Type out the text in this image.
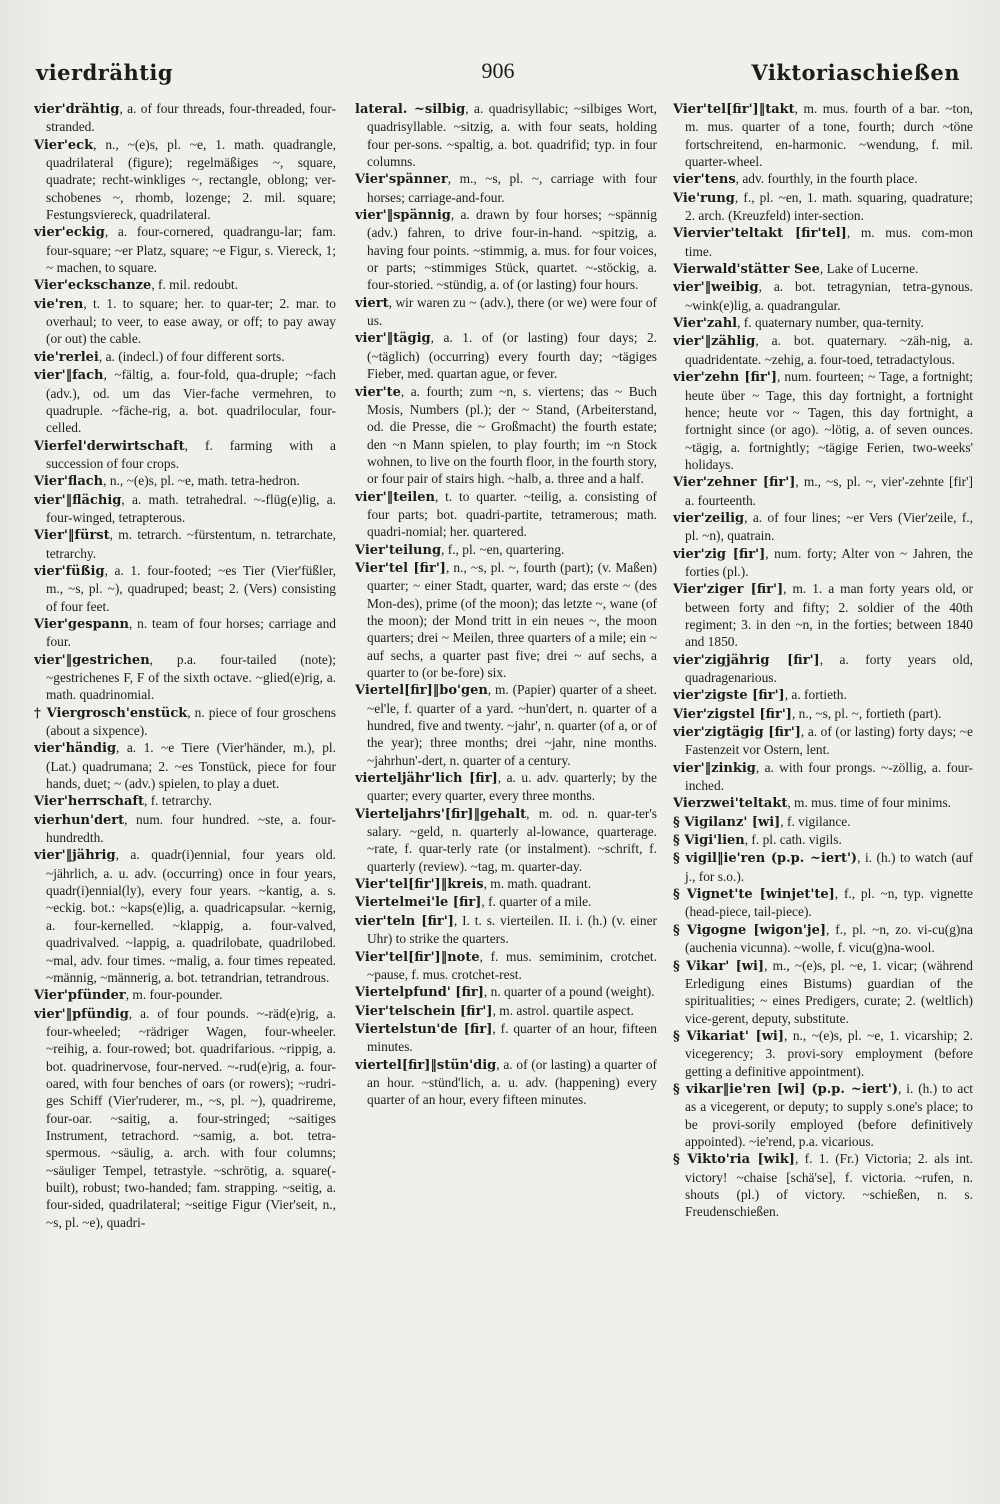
vierdrähtig	906	Viktoriaschießen

vier'drähtig, a. of four threads, four-threaded, four-stranded.

Vier'eck, n., ~(e)s, pl. ~e, 1. math. quadrangle, quadrilateral (figure); regelmäßiges ~, square, quadrate; recht-winkliges ~, rectangle, oblong; ver-schobenes ~, rhomb, lozenge; 2. mil. square; Festungsviereck, quadrilateral.

vier'eckig, a. four-cornered, quadrangu-lar; fam. four-square; ~er Platz, square; ~e Figur, s. Viereck, 1; ~ machen, to square.

Vier'eckschanze, f. mil. redoubt.

vie'ren, t. 1. to square; her. to quar-ter; 2. mar. to overhaul; to veer, to ease away, or off; to pay away (or out) the cable.

vie'rerlei, a. (indecl.) of four different sorts.

vier'‖fach, ~fältig, a. four-fold, qua-druple; ~fach (adv.), od. um das Vier-fache vermehren, to quadruple. ~fäche-rig, a. bot. quadrilocular, four-celled.

Vierfel'derwirtschaft, f. farming with a succession of four crops.

Vier'flach, n., ~(e)s, pl. ~e, math. tetra-hedron.

vier'‖flächig, a. math. tetrahedral. ~-flüg(e)lig, a. four-winged, tetrapterous.

Vier'‖fürst, m. tetrarch. ~fürstentum, n. tetrarchate, tetrarchy.

vier'füßig, a. 1. four-footed; ~es Tier (Vier'füßler, m., ~s, pl. ~), quadruped; beast; 2. (Vers) consisting of four feet.

Vier'gespann, n. team of four horses; carriage and four.

vier'‖gestrichen, p.a. four-tailed (note); ~gestrichenes F, F of the sixth octave. ~glied(e)rig, a. math. quadrinomial.

† Viergrosch'enstück, n. piece of four groschens (about a sixpence).

vier'händig, a. 1. ~e Tiere (Vier'händer, m.), pl. (Lat.) quadrumana; 2. ~es Tonstück, piece for four hands, duet; ~ (adv.) spielen, to play a duet.

Vier'herrschaft, f. tetrarchy.

vierhun'dert, num. four hundred. ~ste, a. four-hundredth.

vier'‖jährig, a. quadr(i)ennial, four years old. ~jährlich, a. u. adv. (occurring) once in four years, quadr(i)ennial(ly), every four years. ~kantig, a. s. ~eckig. bot.: ~kaps(e)lig, a. quadricapsular. ~kernig, a. four-kernelled. ~klappig, a. four-valved, quadrivalved. ~lappig, a. quadrilobate, quadrilobed. ~mal, adv. four times. ~malig, a. four times repeated. ~männig, ~männerig, a. bot. tetrandrian, tetrandrous.

Vier'pfünder, m. four-pounder.

vier'‖pfündig, a. of four pounds. ~-räd(e)rig, a. four-wheeled; ~rädriger Wagen, four-wheeler. ~reihig, a. four-rowed; bot. quadrifarious. ~rippig, a. bot. quadrinervose, four-nerved. ~-rud(e)rig, a. four-oared, with four benches of oars (or rowers); ~rudri-ges Schiff (Vier'ruderer, m., ~s, pl. ~), quadrireme, four-oar. ~saitig, a. four-stringed; ~saitiges Instrument, tetrachord. ~samig, a. bot. tetra-spermous. ~säulig, a. arch. with four columns; ~säuliger Tempel, tetrastyle. ~schrötig, a. square(-built), robust; two-handed; fam. strapping. ~seitig, a. four-sided, quadrilateral; ~seitige Figur (Vier'seit, n., ~s, pl. ~e), quadri-

lateral. ~silbig, a. quadrisyllabic; ~silbiges Wort, quadrisyllable. ~sitzig, a. with four seats, holding four per-sons. ~spaltig, a. bot. quadrifid; typ. in four columns.

Vier'spänner, m., ~s, pl. ~, carriage with four horses; carriage-and-four.

vier'‖spännig, a. drawn by four horses; ~spännig (adv.) fahren, to drive four-in-hand. ~spitzig, a. having four points. ~stimmig, a. mus. for four voices, or parts; ~stimmiges Stück, quartet. ~-stöckig, a. four-storied. ~stündig, a. of (or lasting) four hours.

viert, wir waren zu ~ (adv.), there (or we) were four of us.

vier'‖tägig, a. 1. of (or lasting) four days; 2. (~täglich) (occurring) every fourth day; ~tägiges Fieber, med. quartan ague, or fever.

vier'te, a. fourth; zum ~n, s. viertens; das ~ Buch Mosis, Numbers (pl.); der ~ Stand, (Arbeiterstand, od. die Presse, die ~ Großmacht) the fourth estate; den ~n Mann spielen, to play fourth; im ~n Stock wohnen, to live on the fourth floor, in the fourth story, or four pair of stairs high. ~halb, a. three and a half.

vier'‖teilen, t. to quarter. ~teilig, a. consisting of four parts; bot. quadri-partite, tetramerous; math. quadri-nomial; her. quartered.

Vier'teilung, f., pl. ~en, quartering.

Vier'tel [fir'], n., ~s, pl. ~, fourth (part); (v. Maßen) quarter; ~ einer Stadt, quarter, ward; das erste ~ (des Mon-des), prime (of the moon); das letzte ~, wane (of the moon); der Mond tritt in ein neues ~, the moon quarters; drei ~ Meilen, three quarters of a mile; ein ~ auf sechs, a quarter past five; drei ~ auf sechs, a quarter to (or be-fore) six.

Viertel[fir]‖bo'gen, m. (Papier) quarter of a sheet. ~el'le, f. quarter of a yard. ~hun'dert, n. quarter of a hundred, five and twenty. ~jahr', n. quarter (of a, or of the year); three months; drei ~jahr, nine months. ~jahrhun'-dert, n. quarter of a century.

vierteljähr'lich [fir], a. u. adv. quarterly; by the quarter; every quarter, every three months.

Vierteljahrs'[fir]‖gehalt, m. od. n. quar-ter's salary. ~geld, n. quarterly al-lowance, quarterage. ~rate, f. quar-terly rate (or instalment). ~schrift, f. quarterly (review). ~tag, m. quarter-day.

Vier'tel[fir']‖kreis, m. math. quadrant.

Viertelmei'le [fir], f. quarter of a mile.

vier'teln [fir'], I. t. s. vierteilen. II. i. (h.) (v. einer Uhr) to strike the quarters.

Vier'tel[fir']‖note, f. mus. semiminim, crotchet. ~pause, f. mus. crotchet-rest.

Viertelpfund' [fir], n. quarter of a pound (weight).

Vier'telschein [fir'], m. astrol. quartile aspect.

Viertelstun'de [fir], f. quarter of an hour, fifteen minutes.

viertel[fir]‖stün'dig, a. of (or lasting) a quarter of an hour. ~stünd'lich, a. u. adv. (happening) every quarter of an hour, every fifteen minutes.

Vier'tel[fir']‖takt, m. mus. fourth of a bar. ~ton, m. mus. quarter of a tone, fourth; durch ~töne fortschreitend, en-harmonic. ~wendung, f. mil. quarter-wheel.

vier'tens, adv. fourthly, in the fourth place.

Vie'rung, f., pl. ~en, 1. math. squaring, quadrature; 2. arch. (Kreuzfeld) inter-section.

Viervier'teltakt [fir'tel], m. mus. com-mon time.

Vierwald'stätter See, Lake of Lucerne.

vier'‖weibig, a. bot. tetragynian, tetra-gynous. ~wink(e)lig, a. quadrangular.

Vier'zahl, f. quaternary number, qua-ternity.

vier'‖zählig, a. bot. quaternary. ~zäh-nig, a. quadridentate. ~zehig, a. four-toed, tetradactylous.

vier'zehn [fir'], num. fourteen; ~ Tage, a fortnight; heute über ~ Tage, this day fortnight, a fortnight hence; heute vor ~ Tagen, this day fortnight, a fortnight since (or ago). ~lötig, a. of seven ounces. ~tägig, a. fortnightly; ~tägige Ferien, two-weeks' holidays.

Vier'zehner [fir'], m., ~s, pl. ~, vier'-zehnte [fir'] a. fourteenth.

vier'zeilig, a. of four lines; ~er Vers (Vier'zeile, f., pl. ~n), quatrain.

vier'zig [fir'], num. forty; Alter von ~ Jahren, the forties (pl.).

Vier'ziger [fir'], m. 1. a man forty years old, or between forty and fifty; 2. soldier of the 40th regiment; 3. in den ~n, in the forties; between 1840 and 1850.

vier'zigjährig [fir'], a. forty years old, quadragenarious.

vier'zigste [fir'], a. fortieth.

Vier'zigstel [fir'], n., ~s, pl. ~, fortieth (part).

vier'zigtägig [fir'], a. of (or lasting) forty days; ~e Fastenzeit vor Ostern, lent.

vier'‖zinkig, a. with four prongs. ~-zöllig, a. four-inched.

Vierzwei'teltakt, m. mus. time of four minims.

§ Vigilanz' [wi], f. vigilance.

§ Vigi'lien, f. pl. cath. vigils.

§ vigil‖ie'ren (p.p. ~iert'), i. (h.) to watch (auf j., for s.o.).

§ Vignet'te [winjet'te], f., pl. ~n, typ. vignette (head-piece, tail-piece).

§ Vigogne [wigon'je], f., pl. ~n, zo. vi-cu(g)na (auchenia vicunna). ~wolle, f. vicu(g)na-wool.

§ Vikar' [wi], m., ~(e)s, pl. ~e, 1. vicar; (während Erledigung eines Bistums) guardian of the spiritualities; ~ eines Predigers, curate; 2. (weltlich) vice-gerent, deputy, substitute.

§ Vikariat' [wi], n., ~(e)s, pl. ~e, 1. vicarship; 2. vicegerency; 3. provi-sory employment (before getting a definitive appointment).

§ vikar‖ie'ren [wi] (p.p. ~iert'), i. (h.) to act as a vicegerent, or deputy; to supply s.one's place; to be provi-sorily employed (before definitively appointed). ~ie'rend, p.a. vicarious.

§ Vikto'ria [wik], f. 1. (Fr.) Victoria; 2. als int. victory! ~chaise [schä'se], f. victoria. ~rufen, n. shouts (pl.) of victory. ~schießen, n. s. Freudenschießen.
